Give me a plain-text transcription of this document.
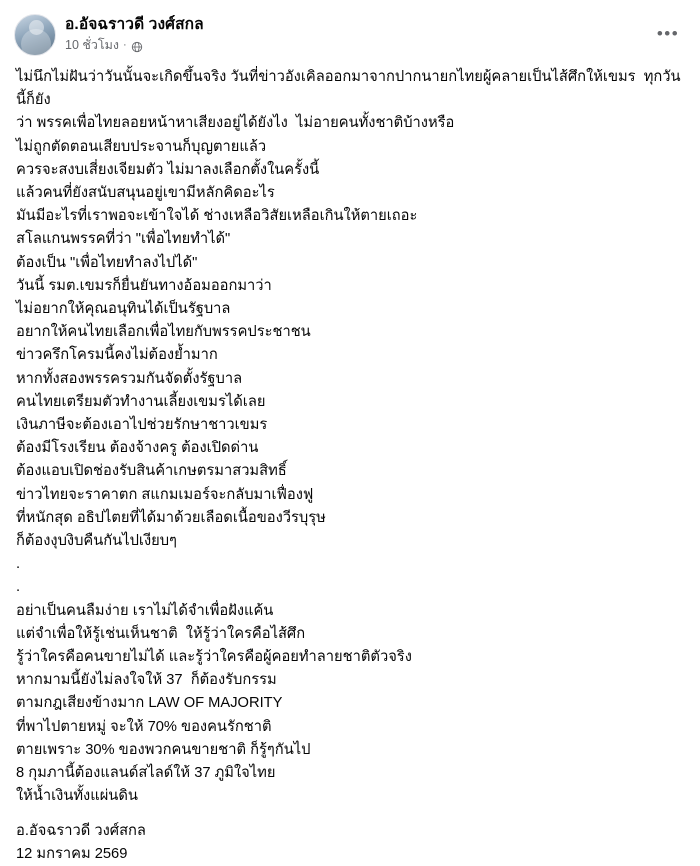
อ.อัจฉราวดี วงศ์สกล
10 ชั่วโมง ·
•••
ไม่นึกไม่ฝันว่าวันนั้นจะเกิดขึ้นจริง วันที่ข่าวอังเคิลออกมาจากปากนายกไทยผู้คลายเป็นไส้ศึกให้เขมร  ทุกวันนี้ก็ยัง
ว่า พรรคเพื่อไทยลอยหน้าหาเสียงอยู่ได้ยังไง  ไม่อายคนทั้งชาติบ้างหรือ
ไม่ถูกตัดตอนเสียบประจานก็บุญตายแล้ว
ควรจะสงบเสี่ยงเจียมตัว ไม่มาลงเลือกตั้งในครั้งนี้
แล้วคนที่ยังสนับสนุนอยู่เขามีหลักคิดอะไร
มันมีอะไรที่เราพอจะเข้าใจได้ ช่างเหลือวิสัยเหลือเกินให้ตายเถอะ
สโลแกนพรรคที่ว่า "เพื่อไทยทำได้"
ต้องเป็น "เพื่อไทยทำลงไปได้"
วันนี้ รมต.เขมรก็ยื่นยันทางอ้อมออกมาว่า
ไม่อยากให้คุณอนุทินได้เป็นรัฐบาล
อยากให้คนไทยเลือกเพื่อไทยกับพรรคประชาชน
ข่าวครึกโครมนี้คงไม่ต้องย้ำมาก
หากทั้งสองพรรครวมกันจัดตั้งรัฐบาล
คนไทยเตรียมตัวทำงานเลี้ยงเขมรได้เลย
เงินภาษีจะต้องเอาไปช่วยรักษาชาวเขมร
ต้องมีโรงเรียน ต้องจ้างครู ต้องเปิดด่าน
ต้องแอบเปิดช่องรับสินค้าเกษตรมาสวมสิทธิ์
ข่าวไทยจะราคาตก สแกมเมอร์จะกลับมาเฟื่องฟู
ที่หนักสุด อธิปไตยที่ได้มาด้วยเลือดเนื้อของวีรบุรุษ
ก็ต้องงุบงิบคืนกันไปเงียบๆ
.
.
อย่าเป็นคนลืมง่าย เราไม่ได้จำเพื่อฝังแค้น
แต่จำเพื่อให้รู้เช่นเห็นชาติ  ให้รู้ว่าใครคือไส้ศึก
รู้ว่าใครคือคนขายไม่ได้ และรู้ว่าใครคือผู้คอยทำลายชาติตัวจริง
หากมามนี้ยังไม่ลงใจให้ 37  ก็ต้องรับกรรม
ตามกฎเสียงข้างมาก LAW OF MAJORITY
ที่พาไปตายหมู่ จะให้ 70% ของคนรักชาติ
ตายเพราะ 30% ของพวกคนขายชาติ ก็รู้ๆกันไป
8 กุมภานี้ต้องแลนด์สไลด์ให้ 37 ภูมิใจไทย
ให้น้ำเงินทั้งแผ่นดิน
อ.อัจฉราวดี วงศ์สกล
12 มกราคม 2569
